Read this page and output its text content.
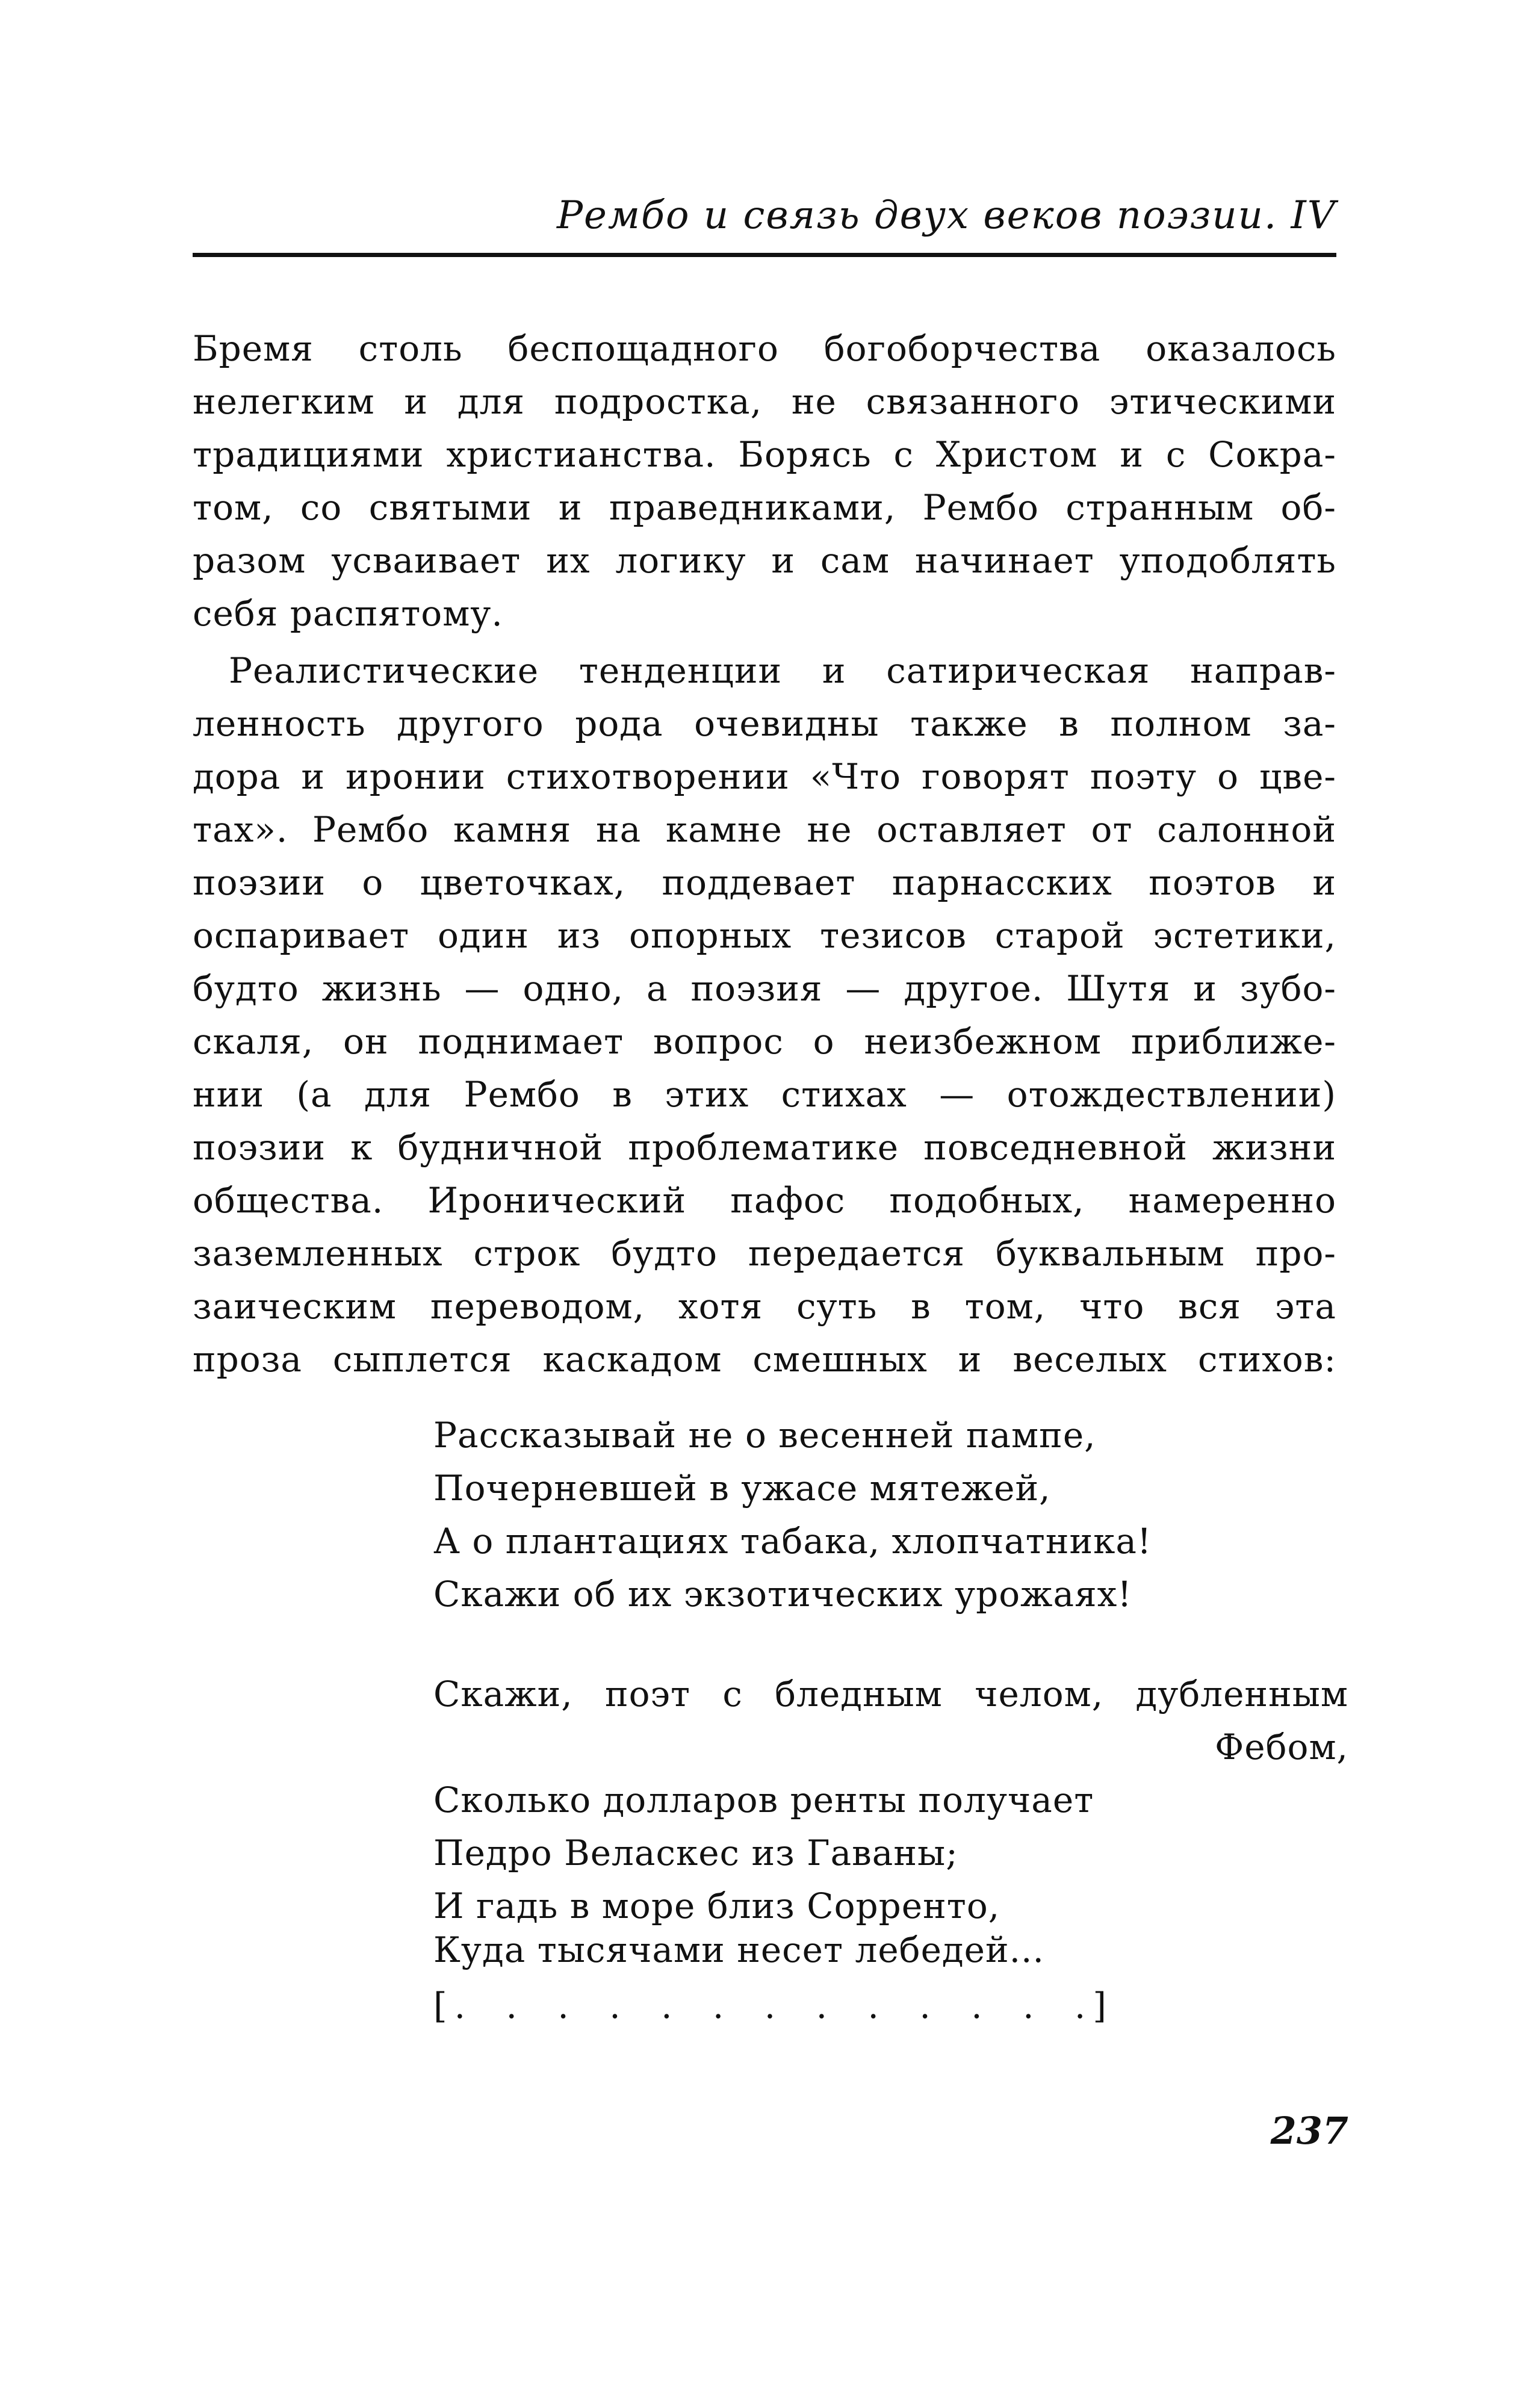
Рембо и связь двух веков поэзии. IV
Бремя столь беспощадного богоборчества оказалось
нелегким и для подростка, не связанного этическими
традициями христианства. Борясь с Христом и с Сокра-
том, со святыми и праведниками, Рембо странным об-
разом усваивает их логику и сам начинает уподоблять
себя распятому.
Реалистические тенденции и сатирическая направ-
ленность другого рода очевидны также в полном за-
дора и иронии стихотворении «Что говорят поэту о цве-
тах». Рембо камня на камне не оставляет от салонной
поэзии о цветочках, поддевает парнасских поэтов и
оспаривает один из опорных тезисов старой эстетики,
будто жизнь — одно, а поэзия — другое. Шутя и зубо-
скаля, он поднимает вопрос о неизбежном приближе-
нии (а для Рембо в этих стихах — отождествлении)
поэзии к будничной проблематике повседневной жизни
общества. Иронический пафос подобных, намеренно
заземленных строк будто передается буквальным про-
заическим переводом, хотя суть в том, что вся эта
проза сыплется каскадом смешных и веселых стихов:
Рассказывай не о весенней пампе,
Почерневшей в ужасе мятежей,
А о плантациях табака, хлопчатника!
Скажи об их экзотических урожаях!
Скажи, поэт с бледным челом, дубленным
Фебом,
Сколько долларов ренты получает
Педро Веласкес из Гаваны;
И гадь в море близ Сорренто,
Куда тысячами несет лебедей...
[. . . . . . . . . . . . .]
237
